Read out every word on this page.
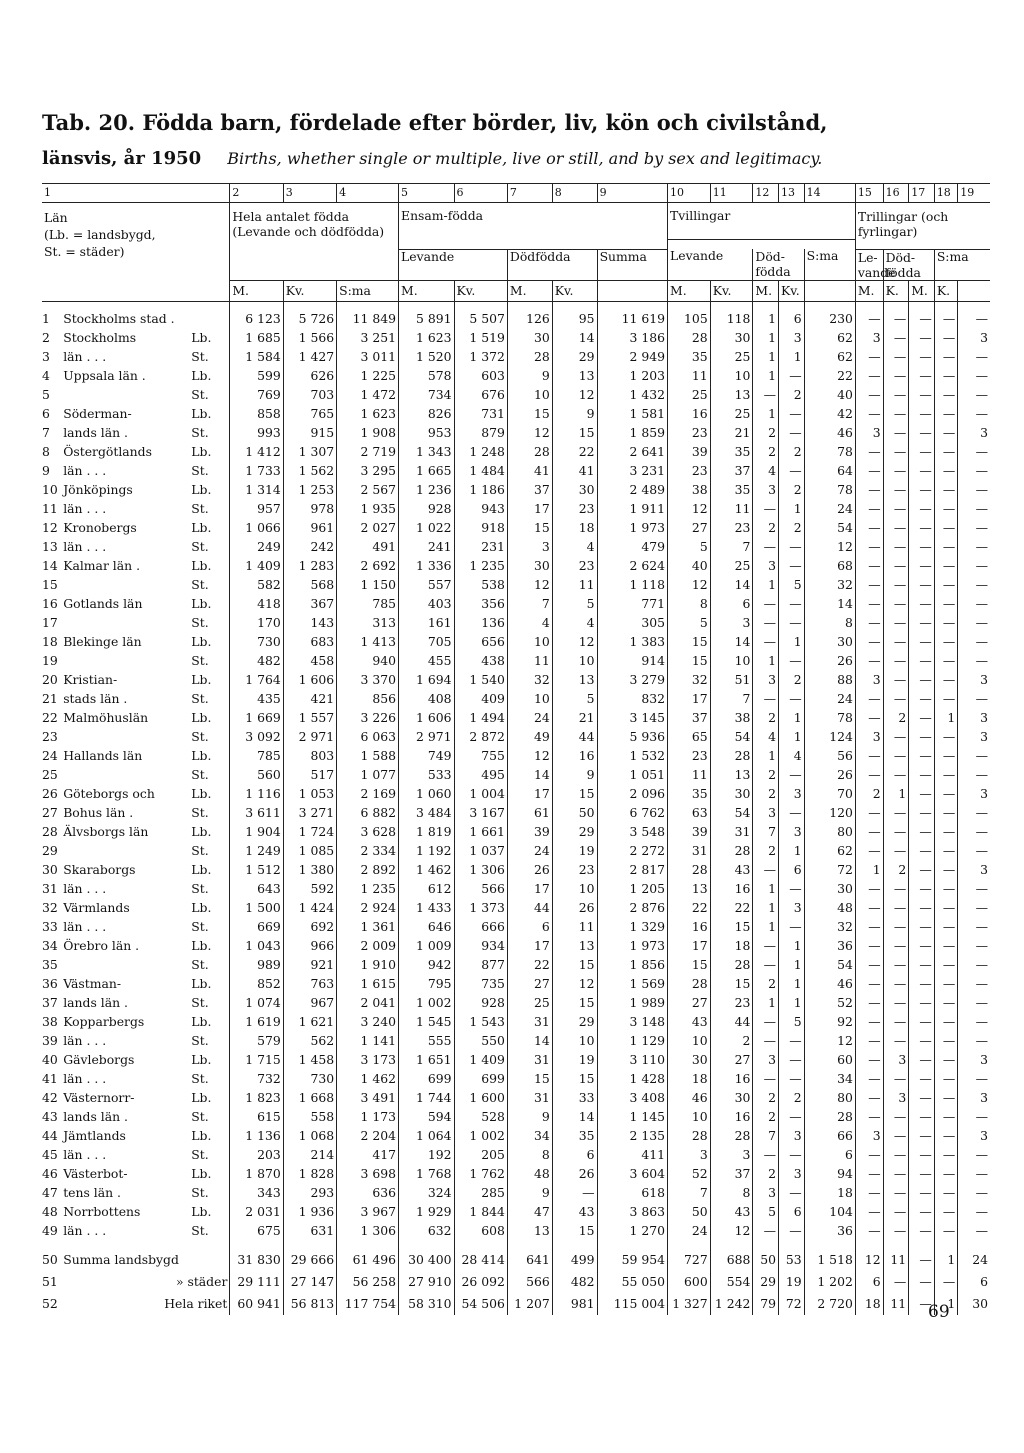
Tab. 20. Födda barn, fördelade efter börder, liv, kön och civilstånd,
länsvis, år 1950 Births, whether single or multiple, live or still, and by sex and legitimacy.
1			2	3	4	5	6	7	8	9	10	11	12	13	14	15	16	17	18	19

Län
(Lb. = landsbygd,
St. = städer)			Hela antalet födda (Levande och dödfödda)			Ensam-födda					Tvillingar					Trillingar (och fyrlingar)				

						Levande		Dödfödda		Summa	Levande		Död-födda		S:ma	Le-vande	Död-födda		S:ma	
			M.	Kv.	S:ma	M.	Kv.	M.	Kv.		M.	Kv.	M.	Kv.		M.	K.	M.	K.	

1	Stockholms stad .		6 123	5 726	11 849	5 891	5 507	126	95	11 619	105	118	1	6	230	—	—	—	—	—
2	Stockholms	Lb.	1 685	1 566	3 251	1 623	1 519	30	14	3 186	28	30	1	3	62	3	—	—	—	3
3	län . . .	St.	1 584	1 427	3 011	1 520	1 372	28	29	2 949	35	25	1	1	62	—	—	—	—	—
4	Uppsala län .	Lb.	599	626	1 225	578	603	9	13	1 203	11	10	1	—	22	—	—	—	—	—
5		St.	769	703	1 472	734	676	10	12	1 432	25	13	—	2	40	—	—	—	—	—
6	Söderman-	Lb.	858	765	1 623	826	731	15	9	1 581	16	25	1	—	42	—	—	—	—	—
7	lands län .	St.	993	915	1 908	953	879	12	15	1 859	23	21	2	—	46	3	—	—	—	3
8	Östergötlands	Lb.	1 412	1 307	2 719	1 343	1 248	28	22	2 641	39	35	2	2	78	—	—	—	—	—
9	län . . .	St.	1 733	1 562	3 295	1 665	1 484	41	41	3 231	23	37	4	—	64	—	—	—	—	—
10	Jönköpings	Lb.	1 314	1 253	2 567	1 236	1 186	37	30	2 489	38	35	3	2	78	—	—	—	—	—
11	län . . .	St.	957	978	1 935	928	943	17	23	1 911	12	11	—	1	24	—	—	—	—	—
12	Kronobergs	Lb.	1 066	961	2 027	1 022	918	15	18	1 973	27	23	2	2	54	—	—	—	—	—
13	län . . .	St.	249	242	491	241	231	3	4	479	5	7	—	—	12	—	—	—	—	—
14	Kalmar län .	Lb.	1 409	1 283	2 692	1 336	1 235	30	23	2 624	40	25	3	—	68	—	—	—	—	—
15		St.	582	568	1 150	557	538	12	11	1 118	12	14	1	5	32	—	—	—	—	—
16	Gotlands län	Lb.	418	367	785	403	356	7	5	771	8	6	—	—	14	—	—	—	—	—
17		St.	170	143	313	161	136	4	4	305	5	3	—	—	8	—	—	—	—	—
18	Blekinge län	Lb.	730	683	1 413	705	656	10	12	1 383	15	14	—	1	30	—	—	—	—	—
19		St.	482	458	940	455	438	11	10	914	15	10	1	—	26	—	—	—	—	—
20	Kristian-	Lb.	1 764	1 606	3 370	1 694	1 540	32	13	3 279	32	51	3	2	88	3	—	—	—	3
21	stads län .	St.	435	421	856	408	409	10	5	832	17	7	—	—	24	—	—	—	—	—
22	Malmöhuslän	Lb.	1 669	1 557	3 226	1 606	1 494	24	21	3 145	37	38	2	1	78	—	2	—	1	3
23		St.	3 092	2 971	6 063	2 971	2 872	49	44	5 936	65	54	4	1	124	3	—	—	—	3
24	Hallands län	Lb.	785	803	1 588	749	755	12	16	1 532	23	28	1	4	56	—	—	—	—	—
25		St.	560	517	1 077	533	495	14	9	1 051	11	13	2	—	26	—	—	—	—	—
26	Göteborgs och	Lb.	1 116	1 053	2 169	1 060	1 004	17	15	2 096	35	30	2	3	70	2	1	—	—	3
27	Bohus län .	St.	3 611	3 271	6 882	3 484	3 167	61	50	6 762	63	54	3	—	120	—	—	—	—	—
28	Älvsborgs län	Lb.	1 904	1 724	3 628	1 819	1 661	39	29	3 548	39	31	7	3	80	—	—	—	—	—
29		St.	1 249	1 085	2 334	1 192	1 037	24	19	2 272	31	28	2	1	62	—	—	—	—	—
30	Skaraborgs	Lb.	1 512	1 380	2 892	1 462	1 306	26	23	2 817	28	43	—	6	72	1	2	—	—	3
31	län . . .	St.	643	592	1 235	612	566	17	10	1 205	13	16	1	—	30	—	—	—	—	—
32	Värmlands	Lb.	1 500	1 424	2 924	1 433	1 373	44	26	2 876	22	22	1	3	48	—	—	—	—	—
33	län . . .	St.	669	692	1 361	646	666	6	11	1 329	16	15	1	—	32	—	—	—	—	—
34	Örebro län .	Lb.	1 043	966	2 009	1 009	934	17	13	1 973	17	18	—	1	36	—	—	—	—	—
35		St.	989	921	1 910	942	877	22	15	1 856	15	28	—	1	54	—	—	—	—	—
36	Västman-	Lb.	852	763	1 615	795	735	27	12	1 569	28	15	2	1	46	—	—	—	—	—
37	lands län .	St.	1 074	967	2 041	1 002	928	25	15	1 989	27	23	1	1	52	—	—	—	—	—
38	Kopparbergs	Lb.	1 619	1 621	3 240	1 545	1 543	31	29	3 148	43	44	—	5	92	—	—	—	—	—
39	län . . .	St.	579	562	1 141	555	550	14	10	1 129	10	2	—	—	12	—	—	—	—	—
40	Gävleborgs	Lb.	1 715	1 458	3 173	1 651	1 409	31	19	3 110	30	27	3	—	60	—	3	—	—	3
41	län . . .	St.	732	730	1 462	699	699	15	15	1 428	18	16	—	—	34	—	—	—	—	—
42	Västernorr-	Lb.	1 823	1 668	3 491	1 744	1 600	31	33	3 408	46	30	2	2	80	—	3	—	—	3
43	lands län .	St.	615	558	1 173	594	528	9	14	1 145	10	16	2	—	28	—	—	—	—	—
44	Jämtlands	Lb.	1 136	1 068	2 204	1 064	1 002	34	35	2 135	28	28	7	3	66	3	—	—	—	3
45	län . . .	St.	203	214	417	192	205	8	6	411	3	3	—	—	6	—	—	—	—	—
46	Västerbot-	Lb.	1 870	1 828	3 698	1 768	1 762	48	26	3 604	52	37	2	3	94	—	—	—	—	—
47	tens län .	St.	343	293	636	324	285	9	—	618	7	8	3	—	18	—	—	—	—	—
48	Norrbottens	Lb.	2 031	1 936	3 967	1 929	1 844	47	43	3 863	50	43	5	6	104	—	—	—	—	—
49	län . . .	St.	675	631	1 306	632	608	13	15	1 270	24	12	—	—	36	—	—	—	—	—

50	Summa landsbygd		31 830	29 666	61 496	30 400	28 414	641	499	59 954	727	688	50	53	1 518	12	11	—	1	24
51	» städer		29 111	27 147	56 258	27 910	26 092	566	482	55 050	600	554	29	19	1 202	6	—	—	—	6
52	Hela riket		60 941	56 813	117 754	58 310	54 506	1 207	981	115 004	1 327	1 242	79	72	2 720	18	11	—	1	30
69
